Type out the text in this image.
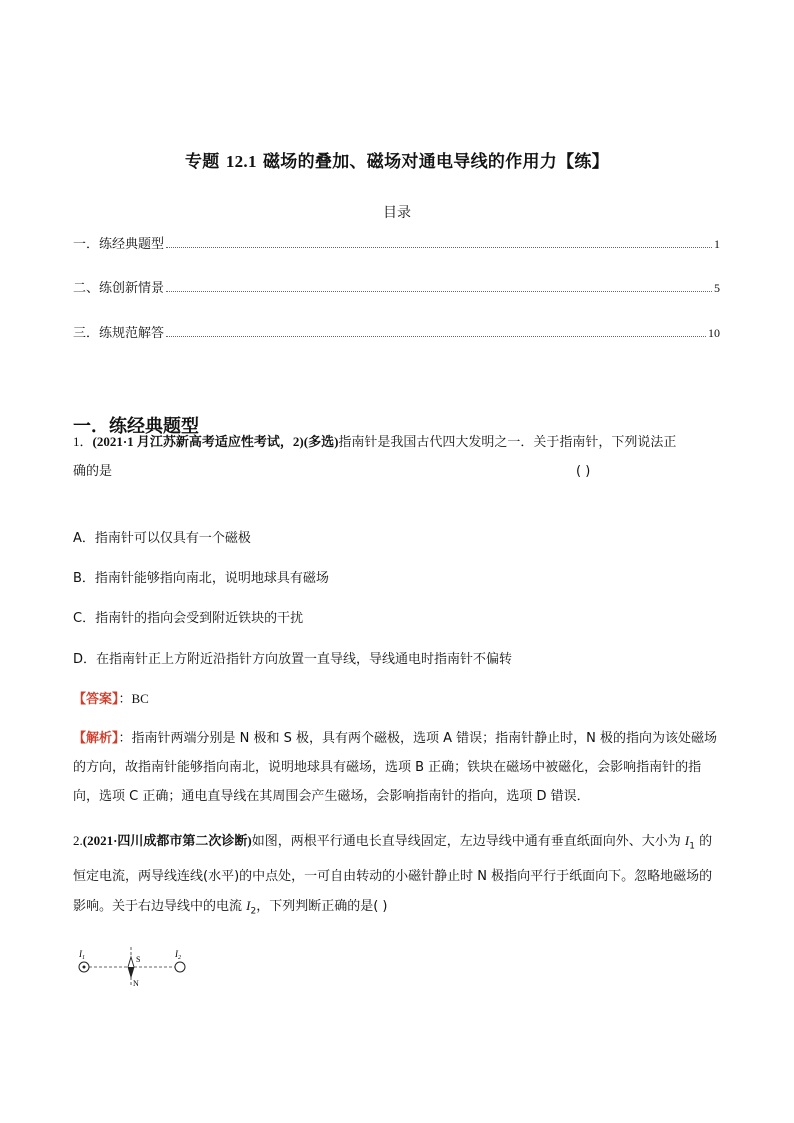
专题 12.1 磁场的叠加、磁场对通电导线的作用力【练】
目录
一．练经典题型	1
二、练创新情景	5
三．练规范解答	10
一．练经典题型
1．(2021·1 月江苏新高考适应性考试，2)(多选)指南针是我国古代四大发明之一．关于指南针，下列说法正
确的是	( )
A．指南针可以仅具有一个磁极
B．指南针能够指向南北，说明地球具有磁场
C．指南针的指向会受到附近铁块的干扰
D．在指南针正上方附近沿指针方向放置一直导线，导线通电时指南针不偏转
【答案】：BC
【解析】：指南针两端分别是 N 极和 S 极，具有两个磁极，选项 A 错误；指南针静止时，N 极的指向为该处磁场的方向，故指南针能够指向南北，说明地球具有磁场，选项 B 正确；铁块在磁场中被磁化，会影响指南针的指向，选项 C 正确；通电直导线在其周围会产生磁场，会影响指南针的指向，选项 D 错误．
2.(2021·四川成都市第二次诊断)如图，两根平行通电长直导线固定，左边导线中通有垂直纸面向外、大小为 $I_1$ 的恒定电流，两导线连线(水平)的中点处，一可自由转动的小磁针静止时 N 极指向平行于纸面向下。忽略地磁场的影响。关于右边导线中的电流 $I_2$，下列判断正确的是( )
$I_1$	$I_2$
S
N
